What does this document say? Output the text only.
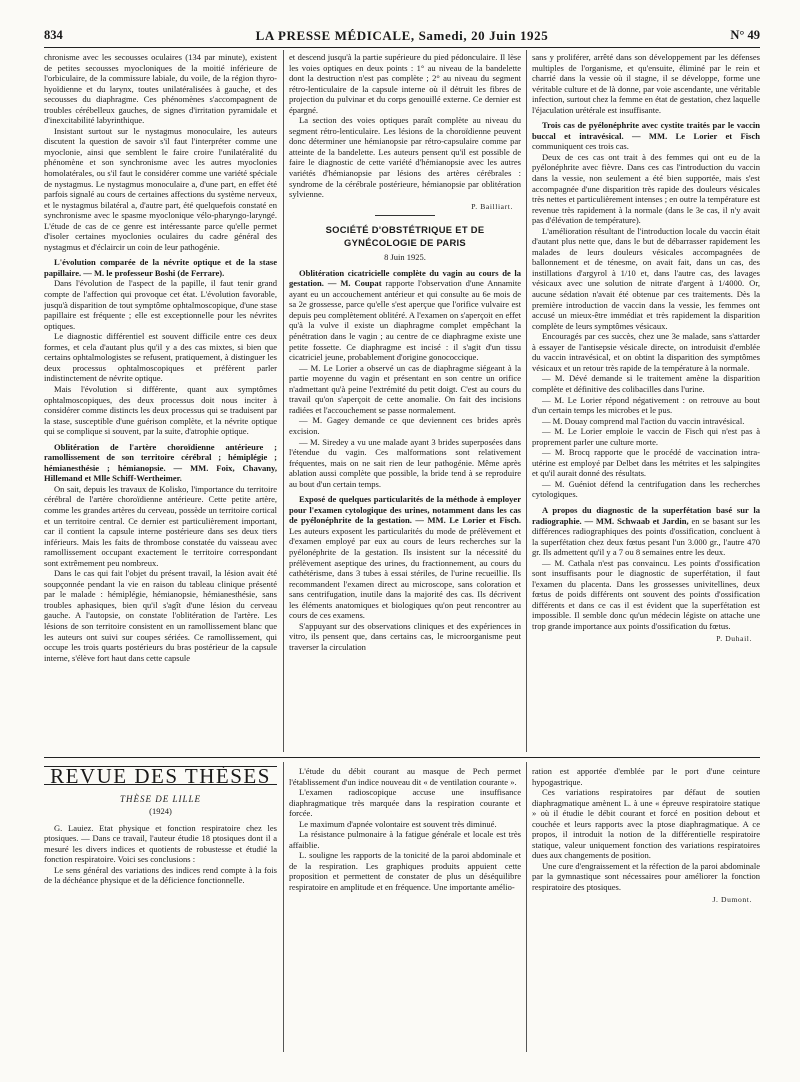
834	LA PRESSE MÉDICALE, Samedi, 20 Juin 1925	N° 49

chronisme avec les secousses oculaires (134 par minute), existent de petites secousses myocloniques de la moitié inférieure de l'orbiculaire, de la commissure labiale, du voile, de la région thyro-hyoïdienne et du larynx, toutes unilatéralisées à gauche, et des secousses du diaphragme. Ces phénomènes s'accompagnent de troubles cérébelleux gauches, de signes d'irritation pyramidale et d'inexcitabilité labyrinthique.

Insistant surtout sur le nystagmus monoculaire, les auteurs discutent la question de savoir s'il faut l'interpréter comme une myoclonie, ainsi que semblent le faire croire l'unilatéralité du phénomène et son synchronisme avec les autres myoclonies homolatérales, ou s'il faut le considérer comme une variété spéciale de nystagmus. Le nystagmus monoculaire a, d'une part, en effet été parfois signalé au cours de certaines affections du système nerveux, et le nystagmus bilatéral a, d'autre part, été quelquefois constaté en synchronisme avec le spasme myoclonique vélo-pharyngo-laryngé. L'étude de cas de ce genre est intéressante parce qu'elle permet d'isoler certaines myoclonies oculaires du cadre général des nystagmus et d'éclaircir un coin de leur pathogénie.

L'évolution comparée de la névrite optique et de la stase papillaire. — M. le professeur Boshi (de Ferrare).

Dans l'évolution de l'aspect de la papille, il faut tenir grand compte de l'affection qui provoque cet état. L'évolution favorable, jusqu'à disparition de tout symptôme ophtalmoscopique, d'une stase papillaire est fréquente ; elle est exceptionnelle pour les névrites optiques.

Le diagnostic différentiel est souvent difficile entre ces deux formes, et cela d'autant plus qu'il y a des cas mixtes, si bien que certains ophtalmologistes se refusent, pratiquement, à distinguer les deux processus ophtalmoscopiques et préfèrent parler indistinctement de névrite optique.

Mais l'évolution si différente, quant aux symptômes ophtalmoscopiques, des deux processus doit nous inciter à considérer comme distincts les deux processus qui se traduisent par la stase, susceptible d'une guérison complète, et la névrite optique qui se complique si souvent, par la suite, d'atrophie optique.

Oblitération de l'artère choroïdienne antérieure ; ramollissement de son territoire cérébral ; hémiplégie ; hémianesthésie ; hémianopsie. — MM. Foix, Chavany, Hillemand et Mlle Schiff-Wertheimer.

On sait, depuis les travaux de Kolisko, l'importance du territoire cérébral de l'artère choroïdienne antérieure. Cette petite artère, comme les grandes artères du cerveau, possède un territoire cortical et un territoire central. Ce dernier est particulièrement important, car il contient la capsule interne postérieure dans ses deux tiers inférieurs. Mais les faits de thrombose constatée du vaisseau avec ramollissement occupant exactement le territoire correspondant sont extrêmement peu nombreux.

Dans le cas qui fait l'objet du présent travail, la lésion avait été soupçonnée pendant la vie en raison du tableau clinique présenté par le malade : hémiplégie, hémianopsie, hémianesthésie, sans troubles aphasiques, bien qu'il s'agît d'une lésion du cerveau gauche. A l'autopsie, on constate l'oblitération de l'artère. Les lésions de son territoire consistent en un ramollissement blanc que les auteurs ont suivi sur coupes sériées. Ce ramollissement, qui occupe les trois quarts postérieurs du bras postérieur de la capsule interne, s'élève fort haut dans cette capsule

et descend jusqu'à la partie supérieure du pied pédonculaire. Il lèse les voies optiques en deux points : 1° au niveau de la bandelette dont la destruction n'est pas complète ; 2° au niveau du segment rétro-lenticulaire de la capsule interne où il détruit les fibres de projection du pulvinar et du corps genouillé externe. Ce dernier est épargné.

La section des voies optiques paraît complète au niveau du segment rétro-lenticulaire. Les lésions de la choroïdienne peuvent donc déterminer une hémianopsie par rétro-capsulaire comme par atteinte de la bandelette. Les auteurs pensent qu'il est possible de faire le diagnostic de cette variété d'hémianopsie avec les autres variétés d'hémianopsie par lésions des artères cérébrales : syndrome de la cérébrale postérieure, hémianopsie par oblitération sylvienne.

P. Bailliart.
SOCIÉTÉ D'OBSTÉTRIQUE ET DE GYNÉCOLOGIE DE PARIS
8 Juin 1925.

Oblitération cicatricielle complète du vagin au cours de la gestation. — M. Coupat rapporte l'observation d'une Annamite ayant eu un accouchement antérieur et qui consulte au 6e mois de sa 2e grossesse, parce qu'elle s'est aperçue que l'orifice vulvaire est depuis peu complètement oblitéré. A l'examen on s'aperçoit en effet qu'à la vulve il existe un diaphragme complet empêchant la pénétration dans le vagin ; au centre de ce diaphragme existe une petite fossette. Ce diaphragme est incisé : il s'agit d'un tissu cicatriciel jeune, probablement d'origine gonococcique.

— M. Le Lorier a observé un cas de diaphragme siégeant à la partie moyenne du vagin et présentant en son centre un orifice n'admettant qu'à peine l'extrémité du petit doigt. C'est au cours du travail qu'on s'aperçoit de cette anomalie. On fait des incisions radiées et l'accouchement se passe normalement.

— M. Gagey demande ce que deviennent ces brides après excision.

— M. Siredey a vu une malade ayant 3 brides superposées dans l'étendue du vagin. Ces malformations sont relativement fréquentes, mais on ne sait rien de leur pathogénie. Même après ablation aussi complète que possible, la bride tend à se reproduire au bout d'un certain temps.

Exposé de quelques particularités de la méthode à employer pour l'examen cytologique des urines, notamment dans les cas de pyélonéphrite de la gestation. — MM. Le Lorier et Fisch. Les auteurs exposent les particularités du mode de prélèvement et d'examen employé par eux au cours de leurs recherches sur la pyélonéphrite de la gestation. Ils insistent sur la nécessité du prélèvement aseptique des urines, du fractionnement, au cours du cathétérisme, dans 3 tubes à essai stériles, de l'urine recueillie. Ils recommandent l'examen direct au microscope, sans coloration et sans centrifugation, inutile dans la majorité des cas. Ils décrivent les éléments anatomiques et biologiques qu'on peut rencontrer au cours de ces examens.

S'appuyant sur des observations cliniques et des expériences in vitro, ils pensent que, dans certains cas, le microorganisme peut traverser la circulation

sans y proliférer, arrêté dans son développement par les défenses multiples de l'organisme, et qu'ensuite, éliminé par le rein et charrié dans la vessie où il stagne, il se développe, forme une véritable culture et de là donne, par voie ascendante, une véritable infection, surtout chez la femme en état de gestation, chez laquelle l'éjaculation urétérale est insuffisante.

Trois cas de pyélonéphrite avec cystite traités par le vaccin buccal et intravésical. — MM. Le Lorier et Fisch communiquent ces trois cas.

Deux de ces cas ont trait à des femmes qui ont eu de la pyélonéphrite avec fièvre. Dans ces cas l'introduction du vaccin dans la vessie, non seulement a été bien supportée, mais s'est accompagnée d'une disparition très rapide des douleurs vésicales très nettes et particulièrement intenses ; en outre la température est revenue très rapidement à la normale (dans le 3e cas, il n'y avait pas d'élévation de température).

L'amélioration résultant de l'introduction locale du vaccin était d'autant plus nette que, dans le but de débarrasser rapidement les malades de leurs douleurs vésicales accompagnées de ballonnement et de ténesme, on avait fait, dans un cas, des instillations d'argyrol à 1/10 et, dans l'autre cas, des lavages vésicaux avec une solution de nitrate d'argent à 1/4000. Or, aucune sédation n'avait été obtenue par ces traitements. Dès la première introduction de vaccin dans la vessie, les femmes ont accusé un mieux-être immédiat et très rapidement la disparition complète de leurs symptômes vésicaux.

Encouragés par ces succès, chez une 3e malade, sans s'attarder à essayer de l'antisepsie vésicale directe, on introduisit d'emblée du vaccin intravésical, et on obtint la disparition des symptômes vésicaux et un retour très rapide de la température à la normale.

— M. Dévé demande si le traitement amène la disparition complète et définitive des colibacilles dans l'urine.

— M. Le Lorier répond négativement : on retrouve au bout d'un certain temps les microbes et le pus.

— M. Douay comprend mal l'action du vaccin intravésical.

— M. Le Lorier emploie le vaccin de Fisch qui n'est pas à proprement parler une culture morte.

— M. Brocq rapporte que le procédé de vaccination intra-utérine est employé par Delbet dans les métrites et les salpingites et qu'il aurait donné des résultats.

— M. Guéniot défend la centrifugation dans les recherches cytologiques.

A propos du diagnostic de la superfétation basé sur la radiographie. — MM. Schwaab et Jardin, en se basant sur les différences radiographiques des points d'ossification, concluent à la superfétation chez deux fœtus pesant l'un 3.000 gr., l'autre 470 gr. Ils admettent qu'il y a 7 ou 8 semaines entre les deux.

— M. Cathala n'est pas convaincu. Les points d'ossification sont insuffisants pour le diagnostic de superfétation, il faut l'examen du placenta. Dans les grossesses univitellines, deux fœtus de poids différents ont souvent des points d'ossification différents et dans ce cas il est évident que la superfétation est impossible. Il semble donc qu'un médecin légiste on attache une trop grande importance aux points d'ossification du fœtus.

P. Duhail.
REVUE DES THÈSES
THÈSE DE LILLE
(1924)

G. Lauiez. Etat physique et fonction respiratoire chez les ptosiques. — Dans ce travail, l'auteur étudie 18 ptosiques dont il a mesuré les divers indices et quotients de robustesse et étudié la fonction respiratoire. Voici ses conclusions :

Le sens général des variations des indices rend compte à la fois de la déchéance physique et de la déficience fonctionnelle.

L'étude du débit courant au masque de Pech permet l'établissement d'un indice nouveau dit « de ventilation courante ».

L'examen radioscopique accuse une insuffisance diaphragmatique très marquée dans la respiration courante et forcée.

Le maximum d'apnée volontaire est souvent très diminué.

La résistance pulmonaire à la fatigue générale et locale est très affaiblie.

L. souligne les rapports de la tonicité de la paroi abdominale et de la respiration. Les graphiques produits appuient cette proposition et permettent de constater de plus un déséquilibre respiratoire en amplitude et en fréquence. Une importante amélio-

ration est apportée d'emblée par le port d'une ceinture hypogastrique.

Ces variations respiratoires par défaut de soutien diaphragmatique amènent L. à une « épreuve respiratoire statique » où il étudie le débit courant et forcé en position debout et couchée et leurs rapports avec la ptose diaphragmatique. A ce propos, il introduit la notion de la différentielle respiratoire statique, valeur uniquement fonction des variations respiratoires dues aux changements de position.

Une cure d'engraissement et la réfection de la paroi abdominale par la gymnastique sont nécessaires pour améliorer la fonction respiratoire des ptosiques.

J. Dumont.
